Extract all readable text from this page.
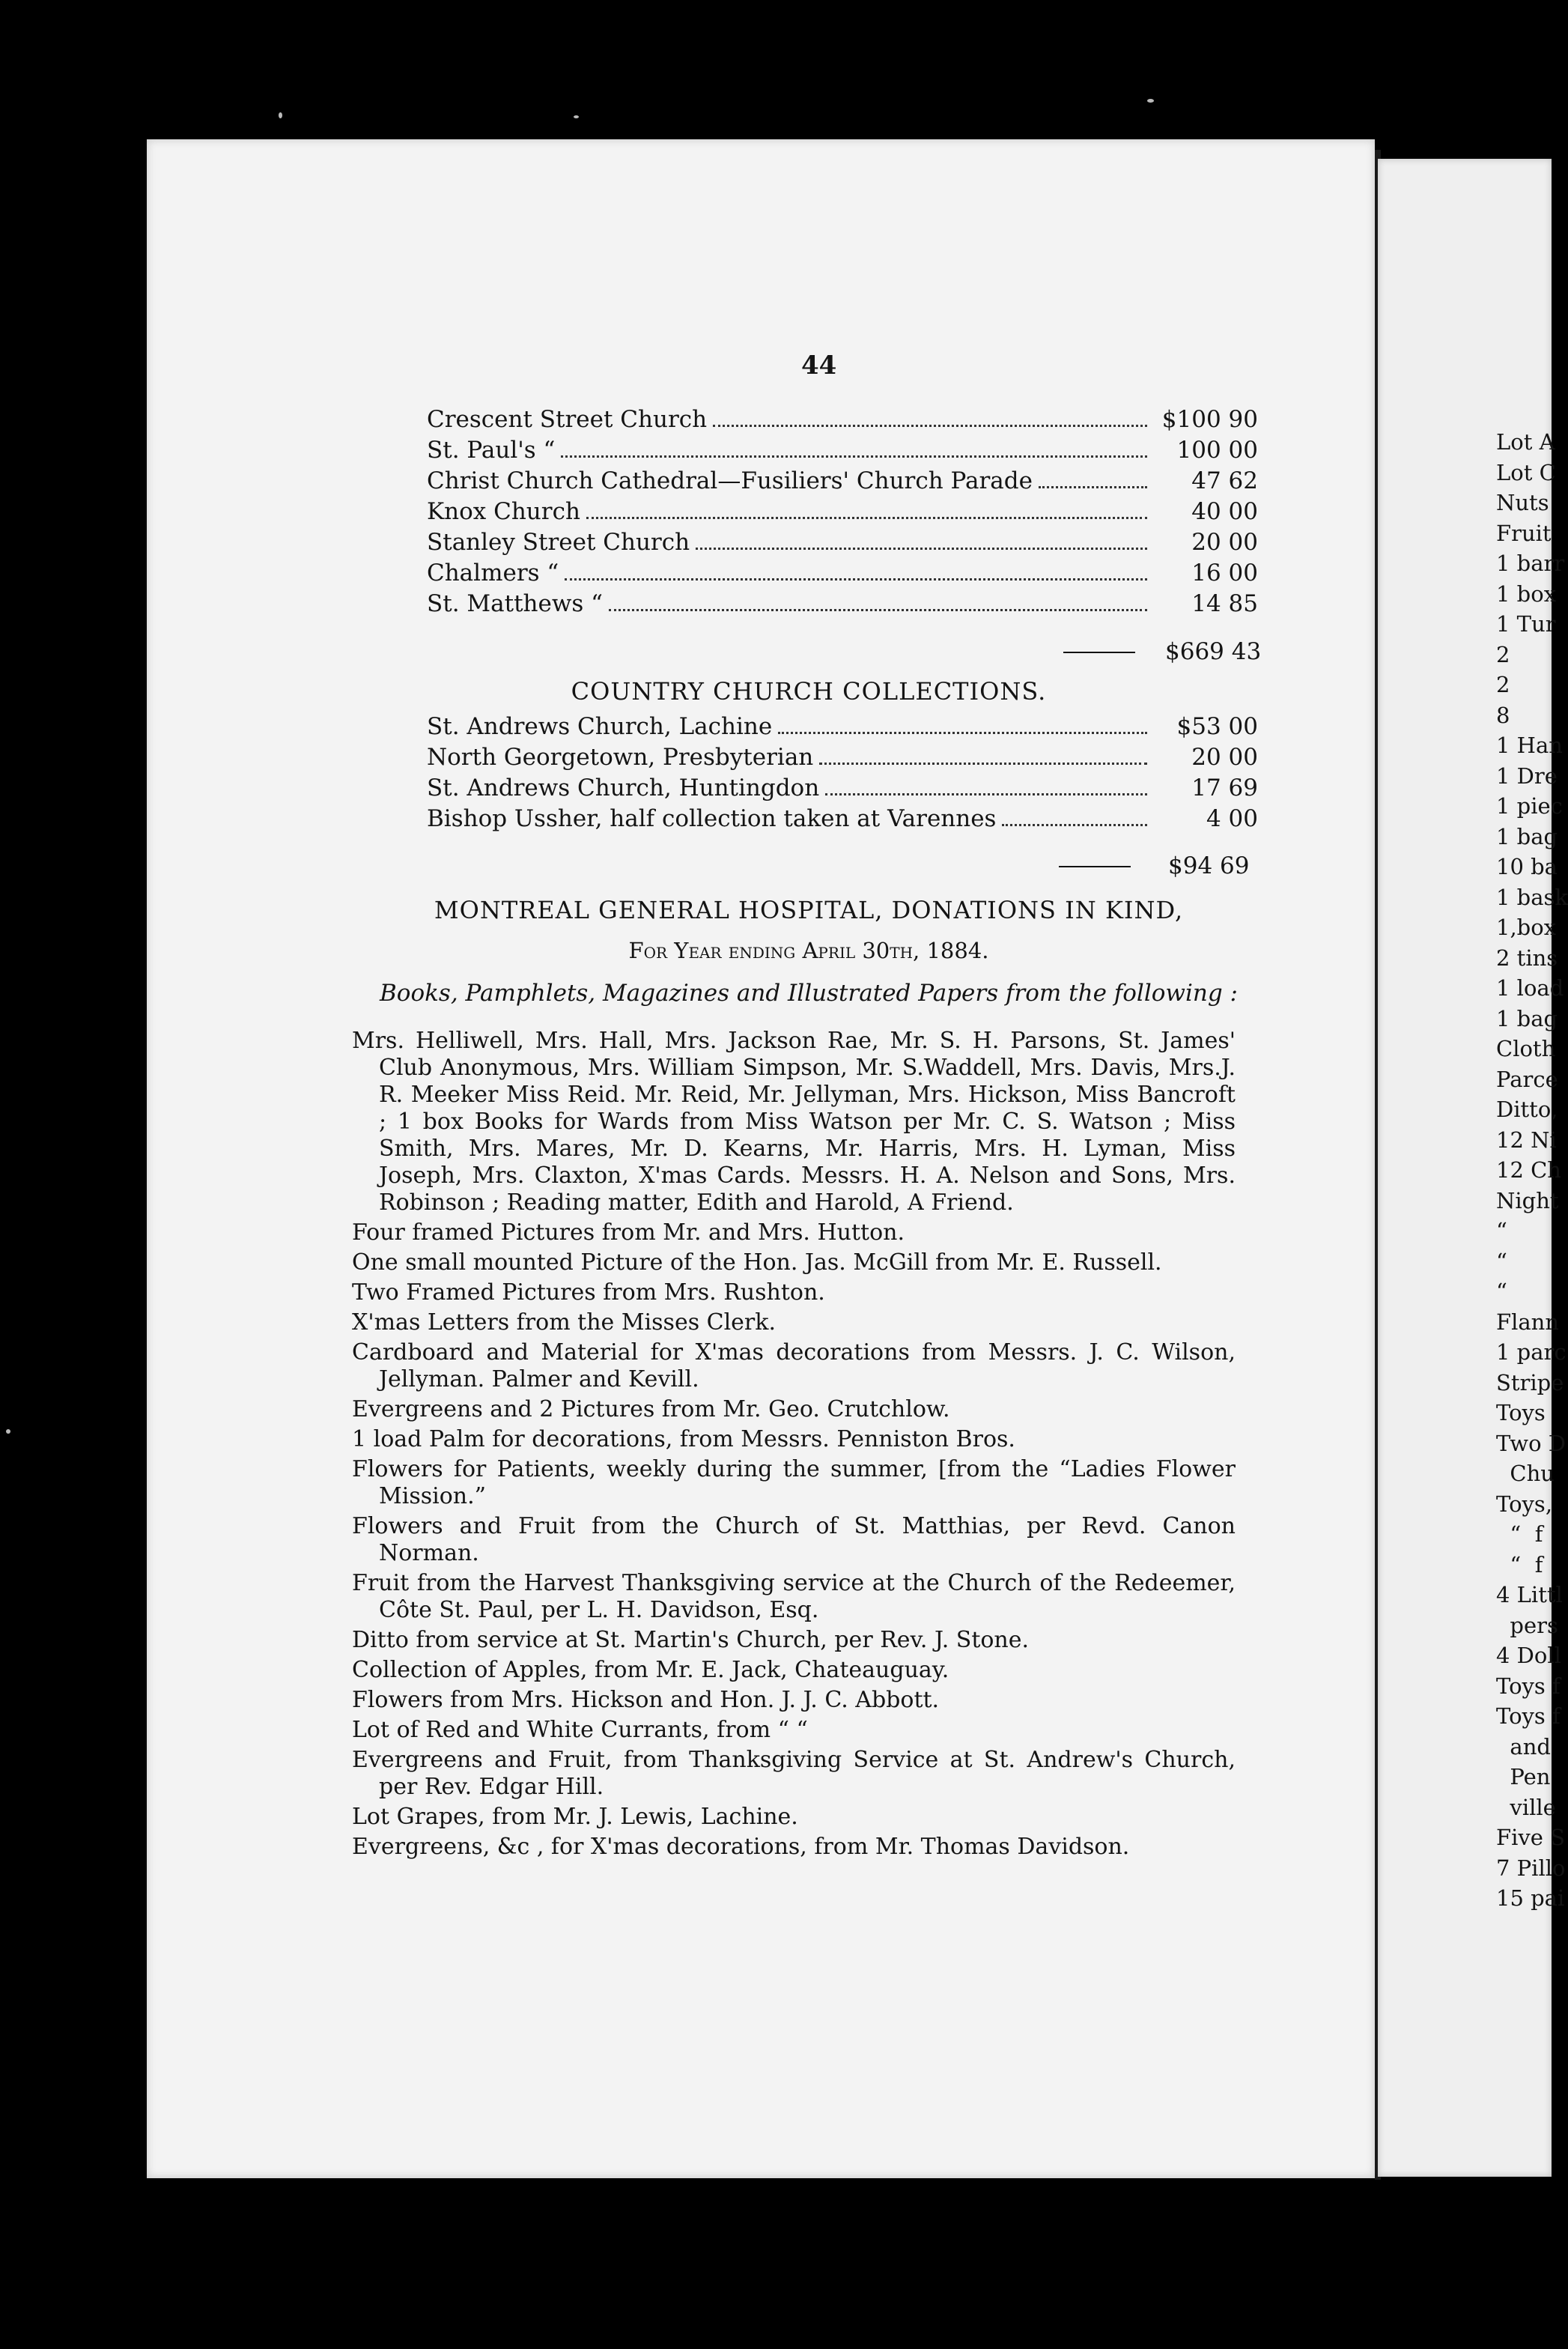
44
Crescent Street Church	$100 90
St. Paul's “	100 00
Christ Church Cathedral—Fusiliers' Church Parade	47 62
Knox Church	40 00
Stanley Street Church	20 00
Chalmers “	16 00
St. Matthews “	14 85
$669 43
COUNTRY CHURCH COLLECTIONS.
St. Andrews Church, Lachine	$53 00
North Georgetown, Presbyterian	20 00
St. Andrews Church, Huntingdon	17 69
Bishop Ussher, half collection taken at Varennes	4 00
$94 69
MONTREAL GENERAL HOSPITAL, DONATIONS IN KIND,
For Year ending April 30th, 1884.
Books, Pamphlets, Magazines and Illustrated Papers from the following :
Mrs. Helliwell, Mrs. Hall, Mrs. Jackson Rae, Mr. S. H. Parsons, St. James' Club Anonymous, Mrs. William Simpson, Mr. S.Waddell, Mrs. Davis, Mrs.J. R. Meeker Miss Reid. Mr. Reid, Mr. Jellyman, Mrs. Hickson, Miss Bancroft ; 1 box Books for Wards from Miss Watson per Mr. C. S. Watson ; Miss Smith, Mrs. Mares, Mr. D. Kearns, Mr. Harris, Mrs. H. Lyman, Miss Joseph, Mrs. Claxton, X'mas Cards. Messrs. H. A. Nelson and Sons, Mrs. Robinson ; Reading matter, Edith and Harold, A Friend.
Four framed Pictures from Mr. and Mrs. Hutton.
One small mounted Picture of the Hon. Jas. McGill from Mr. E. Russell.
Two Framed Pictures from Mrs. Rushton.
X'mas Letters from the Misses Clerk.
Cardboard and Material for X'mas decorations from Messrs. J. C. Wilson, Jellyman. Palmer and Kevill.
Evergreens and 2 Pictures from Mr. Geo. Crutchlow.
1 load Palm for decorations, from Messrs. Penniston Bros.
Flowers for Patients, weekly during the summer, [from the “Ladies Flower Mission.”
Flowers and Fruit from the Church of St. Matthias, per Revd. Canon Norman.
Fruit from the Harvest Thanksgiving service at the Church of the Redeemer, Côte St. Paul, per L. H. Davidson, Esq.
Ditto from service at St. Martin's Church, per Rev. J. Stone.
Collection of Apples, from Mr. E. Jack, Chateauguay.
Flowers from Mrs. Hickson and Hon. J. J. C. Abbott.
Lot of Red and White Currants, from “ “
Evergreens and Fruit, from Thanksgiving Service at St. Andrew's Church, per Rev. Edgar Hill.
Lot Grapes, from Mr. J. Lewis, Lachine.
Evergreens, &c , for X'mas decorations, from Mr. Thomas Davidson.
Lot A
Lot C
Nuts
Fruit
1 barr
1 box
1 Tur
2
2
8
1 Han
1 Dre
1 piec
1 bag
10 ba
1 bask
1,box
2 tins
1 load
1 bag
Cloth
Parce
Ditto,
12 Ni
12 Ch
Night
“
“
“
Flann
1 parc
Stripe
Toys
Two D
Chu
Toys,
“  f
“  f
4 Littl
pers
4 Doll
Toys f
Toys f
and
Pen
ville
Five S
7 Pillo
15 pai
